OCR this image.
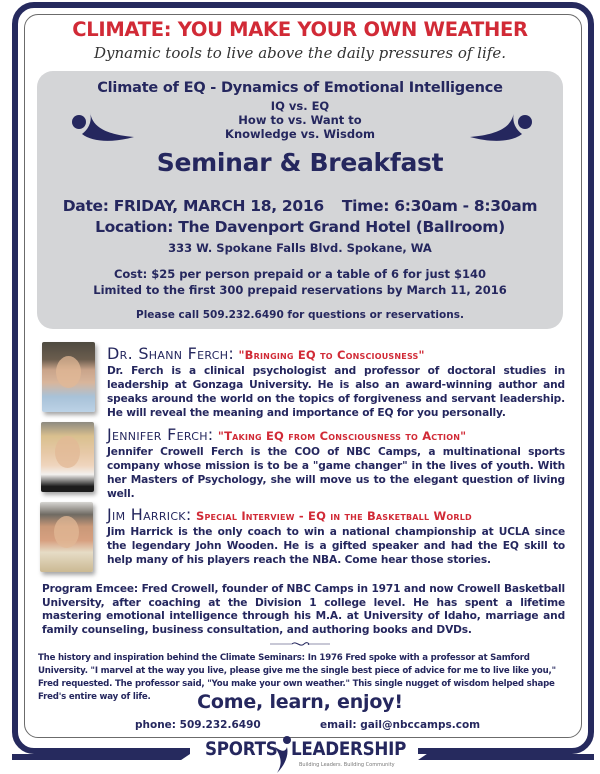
CLIMATE: YOU MAKE YOUR OWN WEATHER
Dynamic tools to live above the daily pressures of life.
Climate of EQ - Dynamics of Emotional Intelligence
IQ vs. EQ
How to vs. Want to
Knowledge vs. Wisdom
Seminar & Breakfast
Date: FRIDAY, MARCH 18, 2016 Time: 6:30am - 8:30am
Location: The Davenport Grand Hotel (Ballroom)
333 W. Spokane Falls Blvd. Spokane, WA
Cost: $25 per person prepaid or a table of 6 for just $140
Limited to the first 300 prepaid reservations by March 11, 2016
Please call 509.232.6490 for questions or reservations.
Dr. Shann Ferch: "Bringing EQ to Consciousness"
Dr. Ferch is a clinical psychologist and professor of doctoral studies in leadership at Gonzaga University. He is also an award-winning author and speaks around the world on the topics of forgiveness and servant leadership. He will reveal the meaning and importance of EQ for you personally.
Jennifer Ferch: "Taking EQ from Consciousness to Action"
Jennifer Crowell Ferch is the COO of NBC Camps, a multinational sports company whose mission is to be a "game changer" in the lives of youth. With her Masters of Psychology, she will move us to the elegant question of living well.
Jim Harrick: Special Interview - EQ in the Basketball World
Jim Harrick is the only coach to win a national championship at UCLA since the legendary John Wooden. He is a gifted speaker and had the EQ skill to help many of his players reach the NBA. Come hear those stories.
Program Emcee: Fred Crowell, founder of NBC Camps in 1971 and now Crowell Basketball University, after coaching at the Division 1 college level. He has spent a lifetime mastering emotional intelligence through his M.A. at University of Idaho, marriage and family counseling, business consultation, and authoring books and DVDs.
The history and inspiration behind the Climate Seminars: In 1976 Fred spoke with a professor at Samford University. "I marvel at the way you live, please give me the single best piece of advice for me to live like you," Fred requested. The professor said, "You make your own weather." This single nugget of wisdom helped shape Fred's entire way of life.	Come, learn, enjoy!
phone: 509.232.6490	email: gail@nbccamps.com
SPORTS LEADERSHIP
Building Leaders. Building Community
